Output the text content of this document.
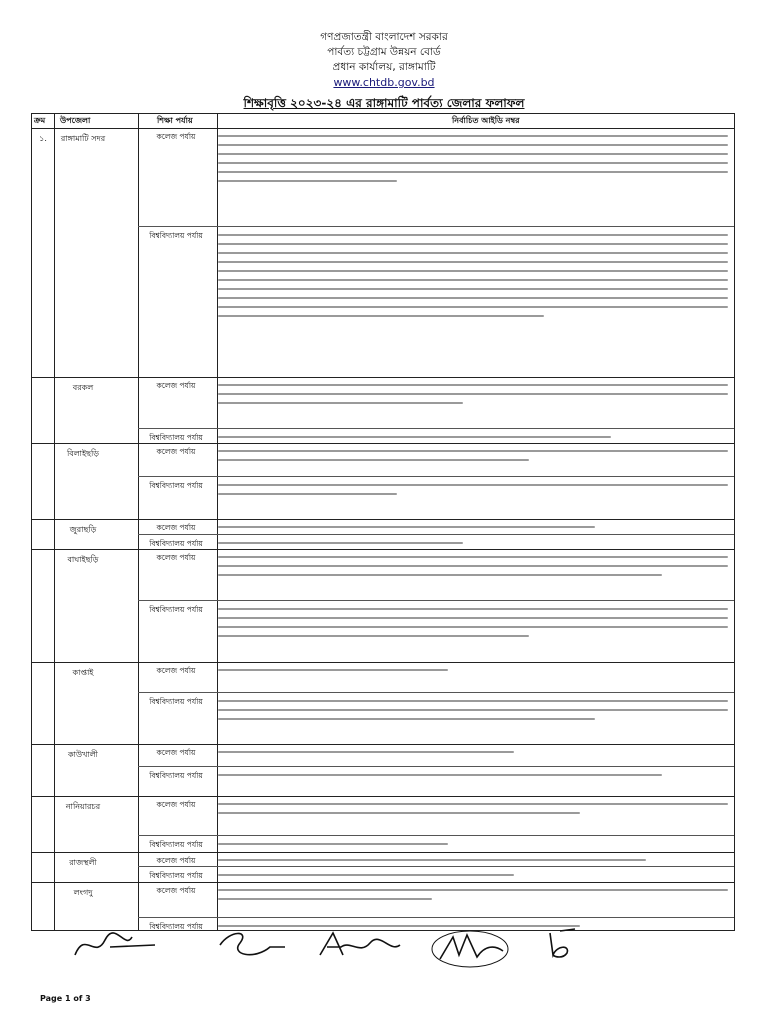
গণপ্রজাতন্ত্রী বাংলাদেশ সরকার
পার্বত্য চট্টগ্রাম উন্নয়ন বোর্ড
প্রধান কার্যালয়, রাঙ্গামাটি
www.chtdb.gov.bd
শিক্ষাবৃত্তি ২০২৩-২৪ এর রাঙ্গামাটি পার্বত্য জেলার ফলাফল
ক্রম উপজেলা	শিক্ষা পর্যায়	নির্বাচিত আইডি নম্বর
১.	রাঙ্গামাটি সদর	কলেজ পর্যায়
বিশ্ববিদ্যালয় পর্যায়
বরকল	কলেজ পর্যায়
বিশ্ববিদ্যালয় পর্যায়
বিলাইছড়ি	কলেজ পর্যায়
বিশ্ববিদ্যালয় পর্যায়
জুরাছড়ি	কলেজ পর্যায়
বিশ্ববিদ্যালয় পর্যায়
বাঘাইছড়ি	কলেজ পর্যায়
বিশ্ববিদ্যালয় পর্যায়
কাপ্তাই	কলেজ পর্যায়
বিশ্ববিদ্যালয় পর্যায়
কাউখালী	কলেজ পর্যায়
বিশ্ববিদ্যালয় পর্যায়
নানিয়ারচর	কলেজ পর্যায়
বিশ্ববিদ্যালয় পর্যায়
রাজস্থলী	কলেজ পর্যায়
বিশ্ববিদ্যালয় পর্যায়
লংগদু	কলেজ পর্যায়
বিশ্ববিদ্যালয় পর্যায়
Page 1 of 3
